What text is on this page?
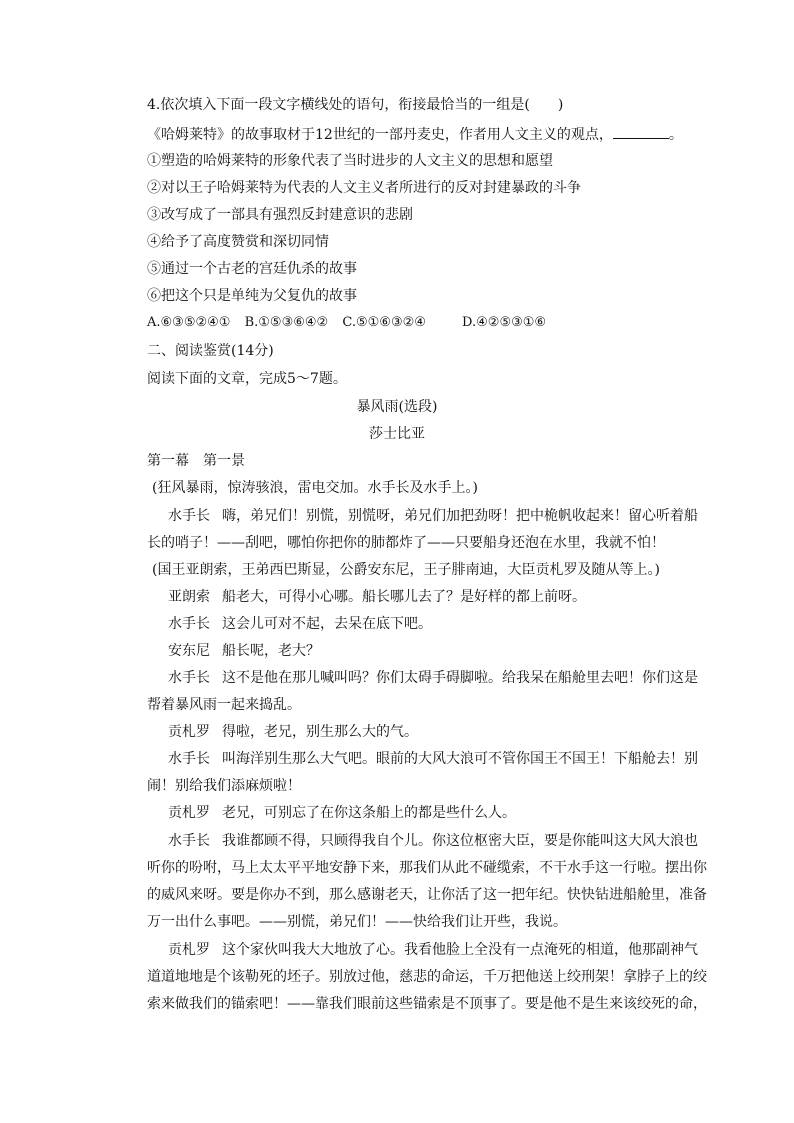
4.依次填入下面一段文字横线处的语句，衔接最恰当的一组是(　　)
《哈姆莱特》的故事取材于12世纪的一部丹麦史，作者用人文主义的观点，	。
①塑造的哈姆莱特的形象代表了当时进步的人文主义的思想和愿望
②对以王子哈姆莱特为代表的人文主义者所进行的反对封建暴政的斗争
③改写成了一部具有强烈反封建意识的悲剧
④给予了高度赞赏和深切同情
⑤通过一个古老的宫廷仇杀的故事
⑥把这个只是单纯为父复仇的故事
A.⑥③⑤②④① B.①⑤③⑥④② C.⑤①⑥③②④	D.④②⑤③①⑥
二、阅读鉴赏(14分)
阅读下面的文章，完成5～7题。
暴风雨(选段)
莎士比亚
第一幕　第一景
(狂风暴雨，惊涛骇浪，雷电交加。水手长及水手上。)
水手长 嗨，弟兄们！别慌，别慌呀，弟兄们加把劲呀！把中桅帆收起来！留心听着船
长的哨子！——刮吧，哪怕你把你的肺都炸了——只要船身还泡在水里，我就不怕！
(国王亚朗索，王弟西巴斯显，公爵安东尼，王子腓南迪，大臣贡札罗及随从等上。)
亚朗索 船老大，可得小心哪。船长哪儿去了？是好样的都上前呀。
水手长 这会儿可对不起，去呆在底下吧。
安东尼 船长呢，老大？
水手长 这不是他在那儿喊叫吗？你们太碍手碍脚啦。给我呆在船舱里去吧！你们这是
帮着暴风雨一起来捣乱。
贡札罗 得啦，老兄，别生那么大的气。
水手长 叫海洋别生那么大气吧。眼前的大风大浪可不管你国王不国王！下船舱去！别
闹！别给我们添麻烦啦！
贡札罗 老兄，可别忘了在你这条船上的都是些什么人。
水手长 我谁都顾不得，只顾得我自个儿。你这位枢密大臣，要是你能叫这大风大浪也
听你的吩咐，马上太太平平地安静下来，那我们从此不碰缆索，不干水手这一行啦。摆出你
的威风来呀。要是你办不到，那么感谢老天，让你活了这一把年纪。快快钻进船舱里，准备
万一出什么事吧。——别慌，弟兄们！——快给我们让开些，我说。
贡札罗 这个家伙叫我大大地放了心。我看他脸上全没有一点淹死的相道，他那副神气
道道地地是个该勒死的坯子。别放过他，慈悲的命运，千万把他送上绞刑架！拿脖子上的绞
索来做我们的锚索吧！——靠我们眼前这些锚索是不顶事了。要是他不是生来该绞死的命，
